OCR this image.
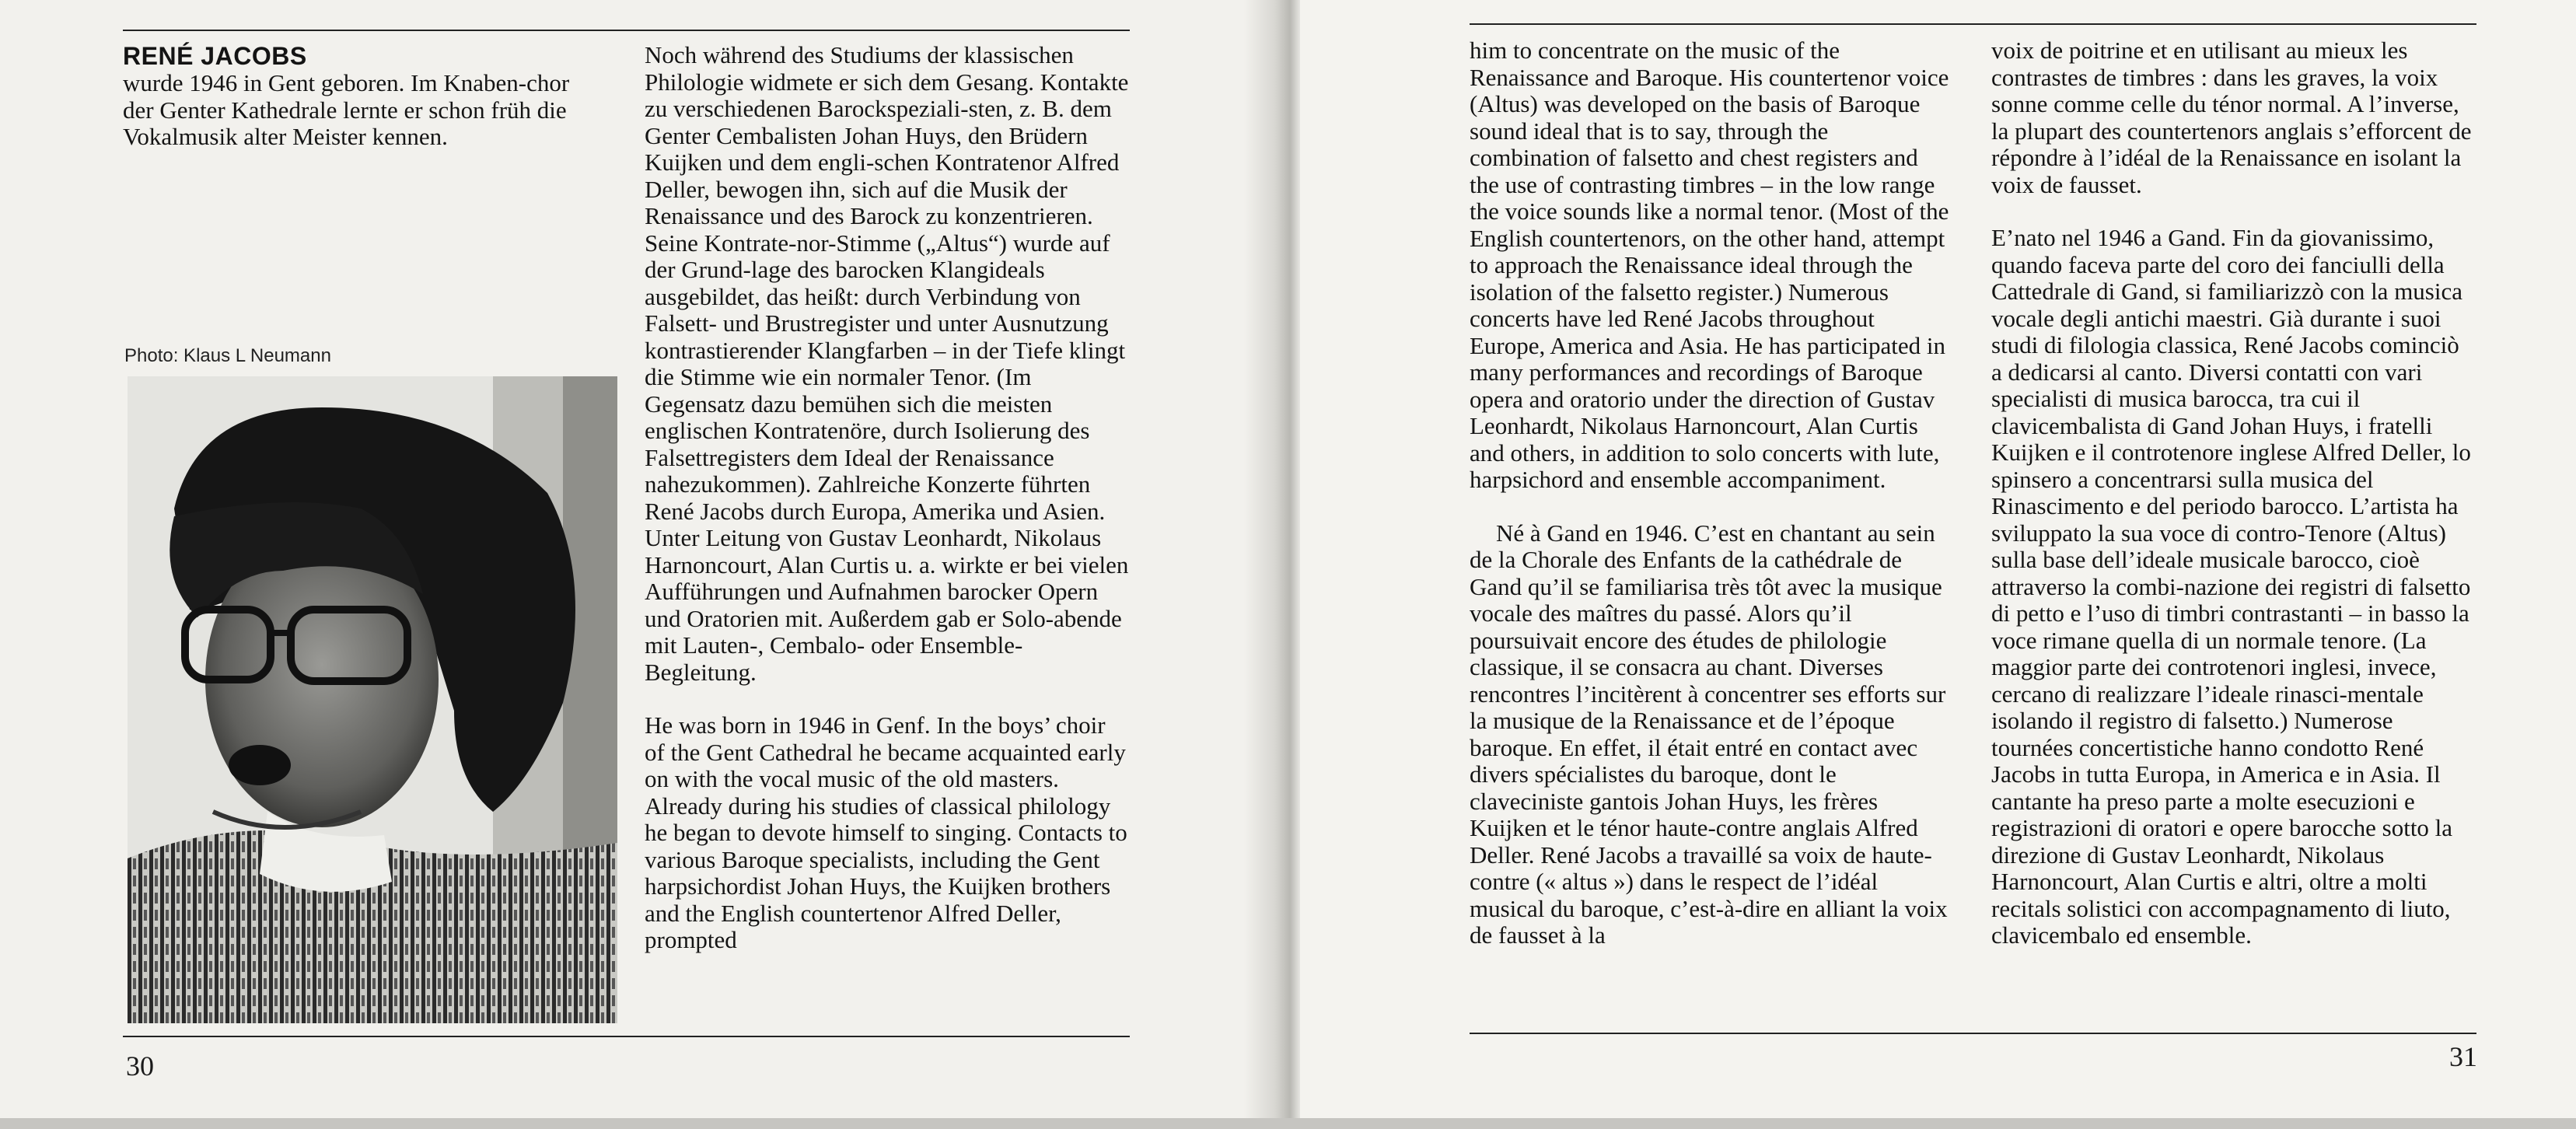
RENÉ JACOBS

wurde 1946 in Gent geboren. Im Knaben-chor der Genter Kathedrale lernte er schon früh die Vokalmusik alter Meister kennen.

Photo: Klaus L Neumann

Noch während des Studiums der klassischen Philologie widmete er sich dem Gesang. Kontakte zu verschiedenen Barockspeziali-sten, z. B. dem Genter Cembalisten Johan Huys, den Brüdern Kuijken und dem engli-schen Kontratenor Alfred Deller, bewogen ihn, sich auf die Musik der Renaissance und des Barock zu konzentrieren. Seine Kontrate-nor-Stimme („Altus“) wurde auf der Grund-lage des barocken Klangideals ausgebildet, das heißt: durch Verbindung von Falsett- und Brustregister und unter Ausnutzung kontrastierender Klangfarben – in der Tiefe klingt die Stimme wie ein normaler Tenor. (Im Gegensatz dazu bemühen sich die meisten englischen Kontratenöre, durch Isolierung des Falsettregisters dem Ideal der Renaissance nahezukommen). Zahlreiche Konzerte führten René Jacobs durch Europa, Amerika und Asien. Unter Leitung von Gustav Leonhardt, Nikolaus Harnoncourt, Alan Curtis u. a. wirkte er bei vielen Aufführungen und Aufnahmen barocker Opern und Oratorien mit. Außerdem gab er Solo-abende mit Lauten-, Cembalo- oder Ensemble-Begleitung.

He was born in 1946 in Genf. In the boys’ choir of the Gent Cathedral he became acquainted early on with the vocal music of the old masters. Already during his studies of classical philology he began to devote himself to singing. Contacts to various Baroque specialists, including the Gent harpsichordist Johan Huys, the Kuijken brothers and the English countertenor Alfred Deller, prompted

30

him to concentrate on the music of the Renaissance and Baroque. His countertenor voice (Altus) was developed on the basis of Baroque sound ideal that is to say, through the combination of falsetto and chest registers and the use of contrasting timbres – in the low range the voice sounds like a normal tenor. (Most of the English countertenors, on the other hand, attempt to approach the Renaissance ideal through the isolation of the falsetto register.) Numerous concerts have led René Jacobs throughout Europe, America and Asia. He has participated in many performances and recordings of Baroque opera and oratorio under the direction of Gustav Leonhardt, Nikolaus Harnoncourt, Alan Curtis and others, in addition to solo concerts with lute, harpsichord and ensemble accompaniment.

Né à Gand en 1946. C’est en chantant au sein de la Chorale des Enfants de la cathédrale de Gand qu’il se familiarisa très tôt avec la musique vocale des maîtres du passé. Alors qu’il poursuivait encore des études de philologie classique, il se consacra au chant. Diverses rencontres l’incitèrent à concentrer ses efforts sur la musique de la Renaissance et de l’époque baroque. En effet, il était entré en contact avec divers spécialistes du baroque, dont le claveciniste gantois Johan Huys, les frères Kuijken et le ténor haute-contre anglais Alfred Deller. René Jacobs a travaillé sa voix de haute-contre (« altus ») dans le respect de l’idéal musical du baroque, c’est-à-dire en alliant la voix de fausset à la

voix de poitrine et en utilisant au mieux les contrastes de timbres : dans les graves, la voix sonne comme celle du ténor normal. A l’inverse, la plupart des countertenors anglais s’efforcent de répondre à l’idéal de la Renaissance en isolant la voix de fausset.

E’nato nel 1946 a Gand. Fin da giovanissimo, quando faceva parte del coro dei fanciulli della Cattedrale di Gand, si familiarizzò con la musica vocale degli antichi maestri. Già durante i suoi studi di filologia classica, René Jacobs cominciò a dedicarsi al canto. Diversi contatti con vari specialisti di musica barocca, tra cui il clavicembalista di Gand Johan Huys, i fratelli Kuijken e il controtenore inglese Alfred Deller, lo spinsero a concentrarsi sulla musica del Rinascimento e del periodo barocco. L’artista ha sviluppato la sua voce di contro-Tenore (Altus) sulla base dell’ideale musicale barocco, cioè attraverso la combi-nazione dei registri di falsetto di petto e l’uso di timbri contrastanti – in basso la voce rimane quella di un normale tenore. (La maggior parte dei controtenori inglesi, invece, cercano di realizzare l’ideale rinasci-mentale isolando il registro di falsetto.) Numerose tournées concertistiche hanno condotto René Jacobs in tutta Europa, in America e in Asia. Il cantante ha preso parte a molte esecuzioni e registrazioni di oratori e opere barocche sotto la direzione di Gustav Leonhardt, Nikolaus Harnoncourt, Alan Curtis e altri, oltre a molti recitals solistici con accompagnamento di liuto, clavicembalo ed ensemble.

31
